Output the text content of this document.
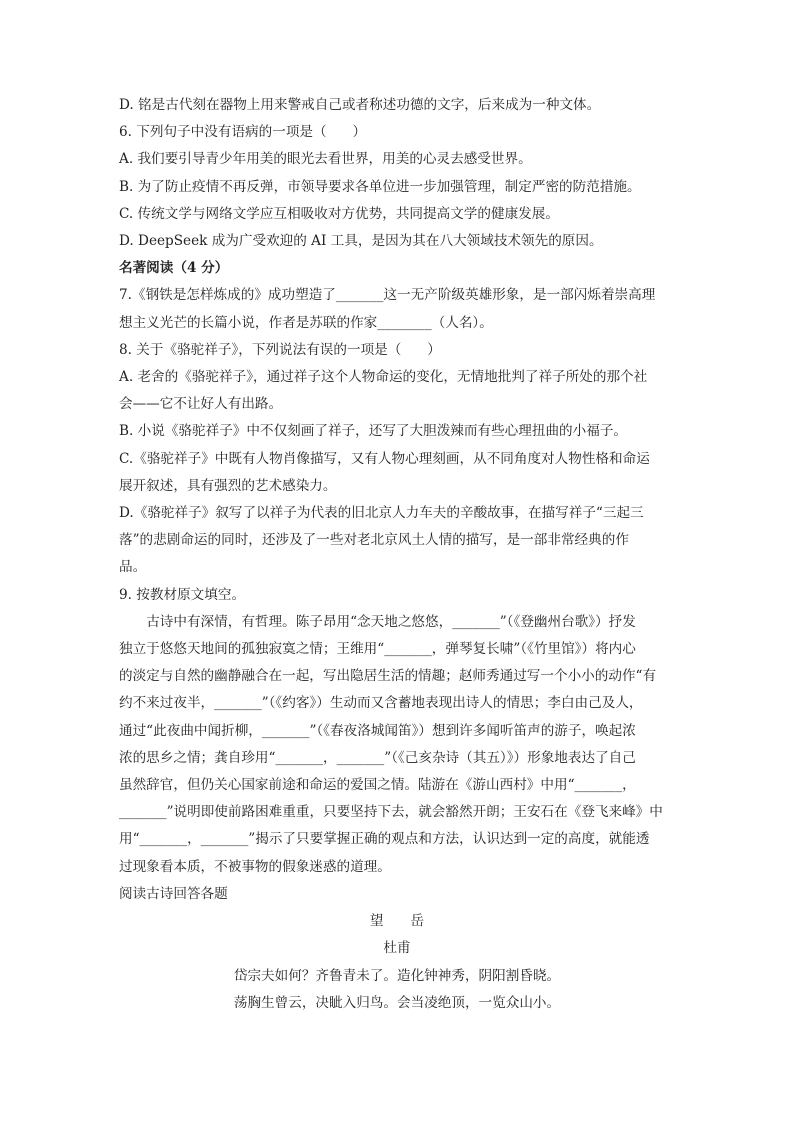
D. 铭是古代刻在器物上用来警戒自己或者称述功德的文字，后来成为一种文体。

6. 下列句子中没有语病的一项是（      ）

A. 我们要引导青少年用美的眼光去看世界，用美的心灵去感受世界。

B. 为了防止疫情不再反弹，市领导要求各单位进一步加强管理，制定严密的防范措施。

C. 传统文学与网络文学应互相吸收对方优势，共同提高文学的健康发展。

D. DeepSeek 成为广受欢迎的 AI 工具，是因为其在八大领域技术领先的原因。

名著阅读（4 分）

7.《钢铁是怎样炼成的》成功塑造了_______这一无产阶级英雄形象，是一部闪烁着崇高理

想主义光芒的长篇小说，作者是苏联的作家________（人名）。

8. 关于《骆驼祥子》，下列说法有误的一项是（      ）

A. 老舍的《骆驼祥子》，通过祥子这个人物命运的变化，无情地批判了祥子所处的那个社

会——它不让好人有出路。

B. 小说《骆驼祥子》中不仅刻画了祥子，还写了大胆泼辣而有些心理扭曲的小福子。

C.《骆驼祥子》中既有人物肖像描写，又有人物心理刻画，从不同角度对人物性格和命运

展开叙述，具有强烈的艺术感染力。

D.《骆驼祥子》叙写了以祥子为代表的旧北京人力车夫的辛酸故事，在描写祥子“三起三

落”的悲剧命运的同时，还涉及了一些对老北京风土人情的描写，是一部非常经典的作

品。

9. 按教材原文填空。

古诗中有深情，有哲理。陈子昂用“念天地之悠悠，_______”（《登幽州台歌》）抒发

独立于悠悠天地间的孤独寂寞之情；王维用“_______，弹琴复长啸”（《竹里馆》）将内心

的淡定与自然的幽静融合在一起，写出隐居生活的情趣；赵师秀通过写一个小小的动作“有

约不来过夜半，_______”（《约客》）生动而又含蓄地表现出诗人的情思；李白由己及人，

通过“此夜曲中闻折柳，_______”（《春夜洛城闻笛》）想到许多闻听笛声的游子，唤起浓

浓的思乡之情；龚自珍用“_______，_______”（《己亥杂诗（其五）》）形象地表达了自己

虽然辞官，但仍关心国家前途和命运的爱国之情。陆游在《游山西村》中用“_______，

_______”说明即使前路困难重重，只要坚持下去，就会豁然开朗；王安石在《登飞来峰》中

用“_______，_______”揭示了只要掌握正确的观点和方法，认识达到一定的高度，就能透

过现象看本质，不被事物的假象迷惑的道理。

阅读古诗回答各题

望岳

杜甫

岱宗夫如何？齐鲁青未了。造化钟神秀，阴阳割昏晓。

荡胸生曾云，决眦入归鸟。会当凌绝顶，一览众山小。
